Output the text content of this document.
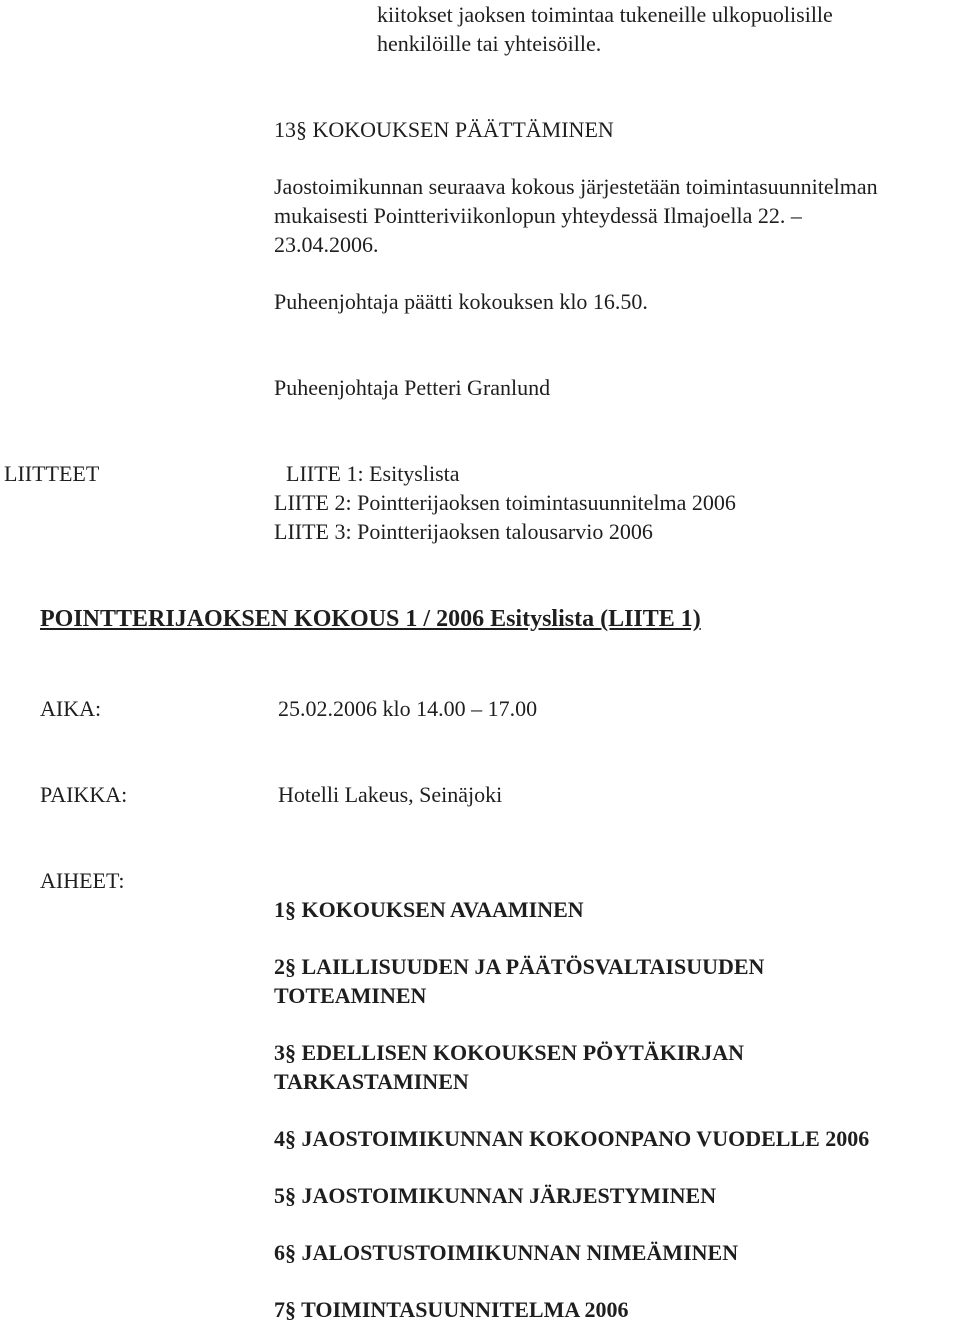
kiitokset jaoksen toimintaa tukeneille ulkopuolisille
henkilöille tai yhteisöille.
13§ KOKOUKSEN PÄÄTTÄMINEN
Jaostoimikunnan seuraava kokous järjestetään toimintasuunnitelman
mukaisesti Pointteriviikonlopun yhteydessä Ilmajoella 22. –
23.04.2006.
Puheenjohtaja päätti kokouksen klo 16.50.
Puheenjohtaja Petteri Granlund
LIITTEET	LIITE 1: Esityslista
LIITE 2: Pointterijaoksen toimintasuunnitelma 2006
LIITE 3: Pointterijaoksen talousarvio 2006
POINTTERIJAOKSEN KOKOUS 1 / 2006 Esityslista (LIITE 1)
AIKA:	25.02.2006 klo 14.00 – 17.00
PAIKKA:	Hotelli Lakeus, Seinäjoki
AIHEET:
1§ KOKOUKSEN AVAAMINEN
2§ LAILLISUUDEN JA PÄÄTÖSVALTAISUUDEN
TOTEAMINEN
3§ EDELLISEN KOKOUKSEN PÖYTÄKIRJAN
TARKASTAMINEN
4§ JAOSTOIMIKUNNAN KOKOONPANO VUODELLE 2006
5§ JAOSTOIMIKUNNAN JÄRJESTYMINEN
6§ JALOSTUSTOIMIKUNNAN NIMEÄMINEN
7§ TOIMINTASUUNNITELMA 2006
